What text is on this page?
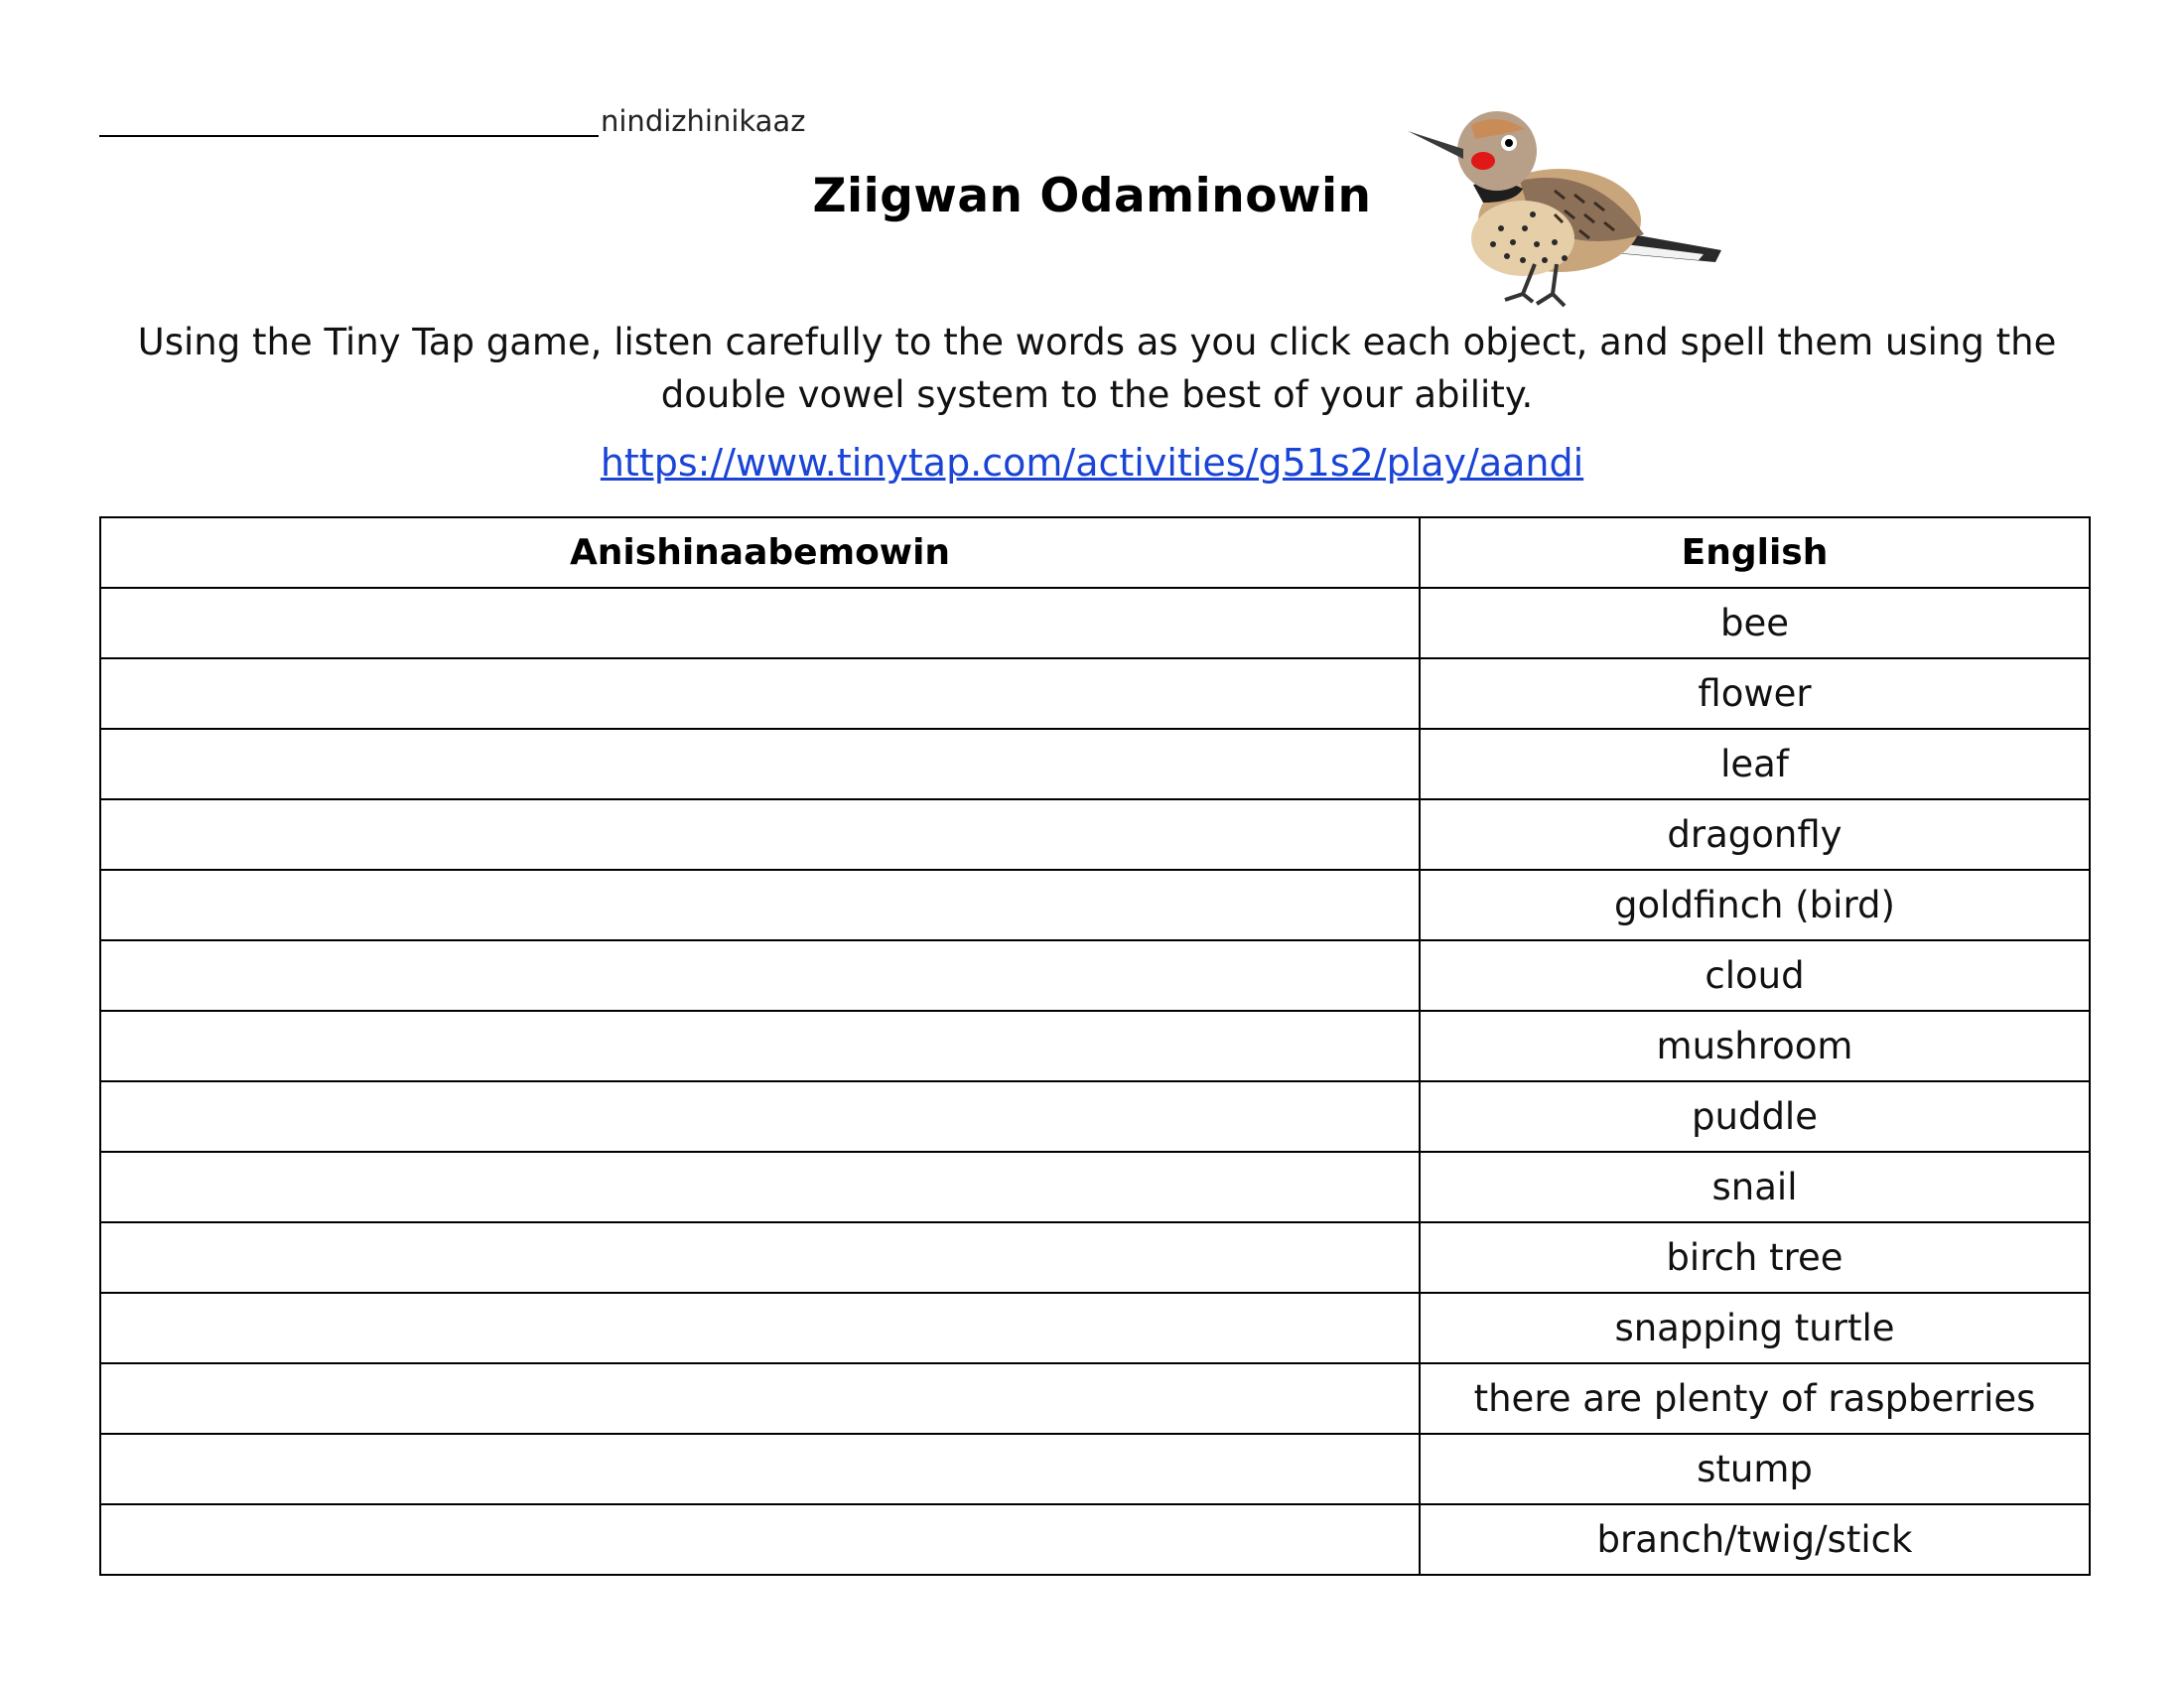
nindizhinikaaz
Ziigwan Odaminowin
Using the Tiny Tap game, listen carefully to the words as you click each object, and spell them using the double vowel system to the best of your ability.
https://www.tinytap.com/activities/g51s2/play/aandi
Anishinaabemowin	English
	bee
	flower
	leaf
	dragonfly
	goldfinch (bird)
	cloud
	mushroom
	puddle
	snail
	birch tree
	snapping turtle
	there are plenty of raspberries
	stump
	branch/twig/stick
